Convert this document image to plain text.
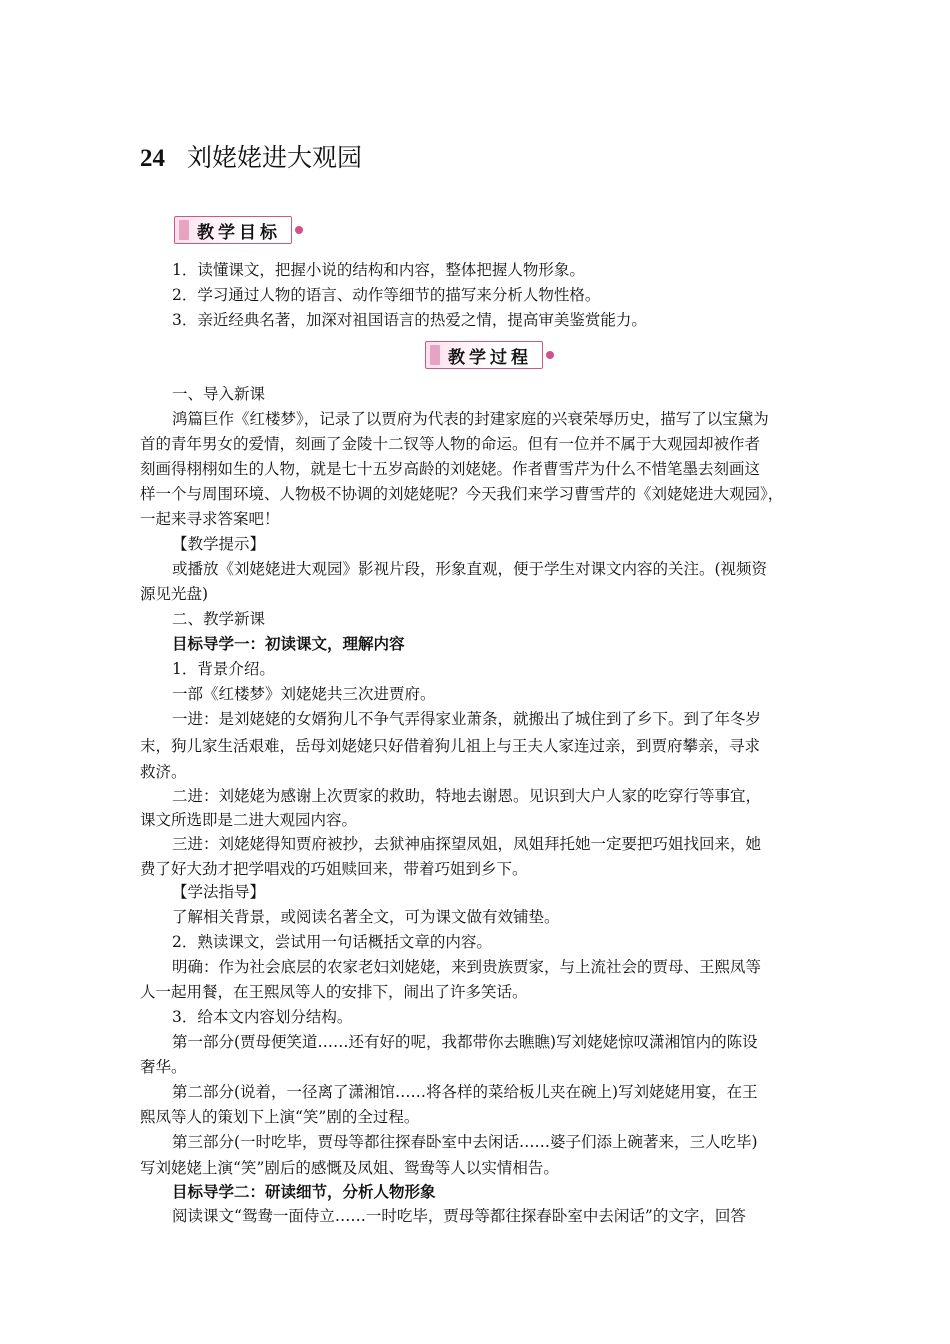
24 刘姥姥进大观园
教学目标
教学过程
1．读懂课文，把握小说的结构和内容，整体把握人物形象。
2．学习通过人物的语言、动作等细节的描写来分析人物性格。
3．亲近经典名著，加深对祖国语言的热爱之情，提高审美鉴赏能力。
一、导入新课
鸿篇巨作《红楼梦》，记录了以贾府为代表的封建家庭的兴衰荣辱历史，描写了以宝黛为
首的青年男女的爱情，刻画了金陵十二钗等人物的命运。但有一位并不属于大观园却被作者
刻画得栩栩如生的人物，就是七十五岁高龄的刘姥姥。作者曹雪芹为什么不惜笔墨去刻画这
样一个与周围环境、人物极不协调的刘姥姥呢？今天我们来学习曹雪芹的《刘姥姥进大观园》，
一起来寻求答案吧！
【教学提示】
或播放《刘姥姥进大观园》影视片段，形象直观，便于学生对课文内容的关注。(视频资
源见光盘)
二、教学新课
目标导学一：初读课文，理解内容
1．背景介绍。
一部《红楼梦》刘姥姥共三次进贾府。
一进：是刘姥姥的女婿狗儿不争气弄得家业萧条，就搬出了城住到了乡下。到了年冬岁
末，狗儿家生活艰难，岳母刘姥姥只好借着狗儿祖上与王夫人家连过亲，到贾府攀亲，寻求
救济。
二进：刘姥姥为感谢上次贾家的救助，特地去谢恩。见识到大户人家的吃穿行等事宜，
课文所选即是二进大观园内容。
三进：刘姥姥得知贾府被抄，去狱神庙探望凤姐，凤姐拜托她一定要把巧姐找回来，她
费了好大劲才把学唱戏的巧姐赎回来，带着巧姐到乡下。
【学法指导】
了解相关背景，或阅读名著全文，可为课文做有效铺垫。
2．熟读课文，尝试用一句话概括文章的内容。
明确：作为社会底层的农家老妇刘姥姥，来到贵族贾家，与上流社会的贾母、王熙凤等
人一起用餐，在王熙凤等人的安排下，闹出了许多笑话。
3．给本文内容划分结构。
第一部分(贾母便笑道……还有好的呢，我都带你去瞧瞧)写刘姥姥惊叹潇湘馆内的陈设
奢华。
第二部分(说着，一径离了潇湘馆……将各样的菜给板儿夹在碗上)写刘姥姥用宴，在王
熙凤等人的策划下上演“笑”剧的全过程。
第三部分(一时吃毕，贾母等都往探春卧室中去闲话……婆子们添上碗著来，三人吃毕)
写刘姥姥上演“笑”剧后的感慨及凤姐、鸳鸯等人以实情相告。
目标导学二：研读细节，分析人物形象
阅读课文“鸳鸯一面侍立……一时吃毕，贾母等都往探春卧室中去闲话”的文字，回答
